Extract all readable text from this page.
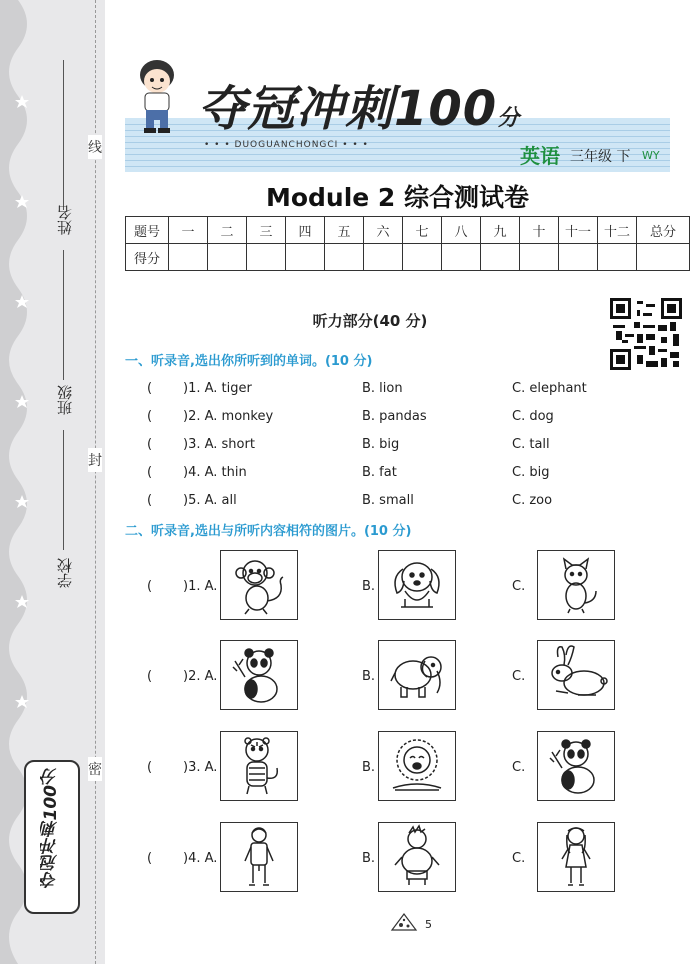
姓名
班级
学校
线
封
密
夺冠冲刺100分
夺冠冲刺100分
• • • DUOGUANCHONGCI • • •	英语 三年级 下 WY
Module 2 综合测试卷
题号	一	二	三	四	五	六	七	八	九	十	十一	十二	总分
得分													
听力部分(40 分)
一、听录音,选出你所听到的单词。(10 分)
( )1. A. tiger	B. lion	C. elephant
( )2. A. monkey	B. pandas	C. dog
( )3. A. short	B. big	C. tall
( )4. A. thin	B. fat	C. big
( )5. A. all	B. small	C. zoo
二、听录音,选出与所听内容相符的图片。(10 分)
( )1. A.	B.	C.
( )2. A.	B.	C.
( )3. A.	B.	C.
( )4. A.	B.	C.
5
